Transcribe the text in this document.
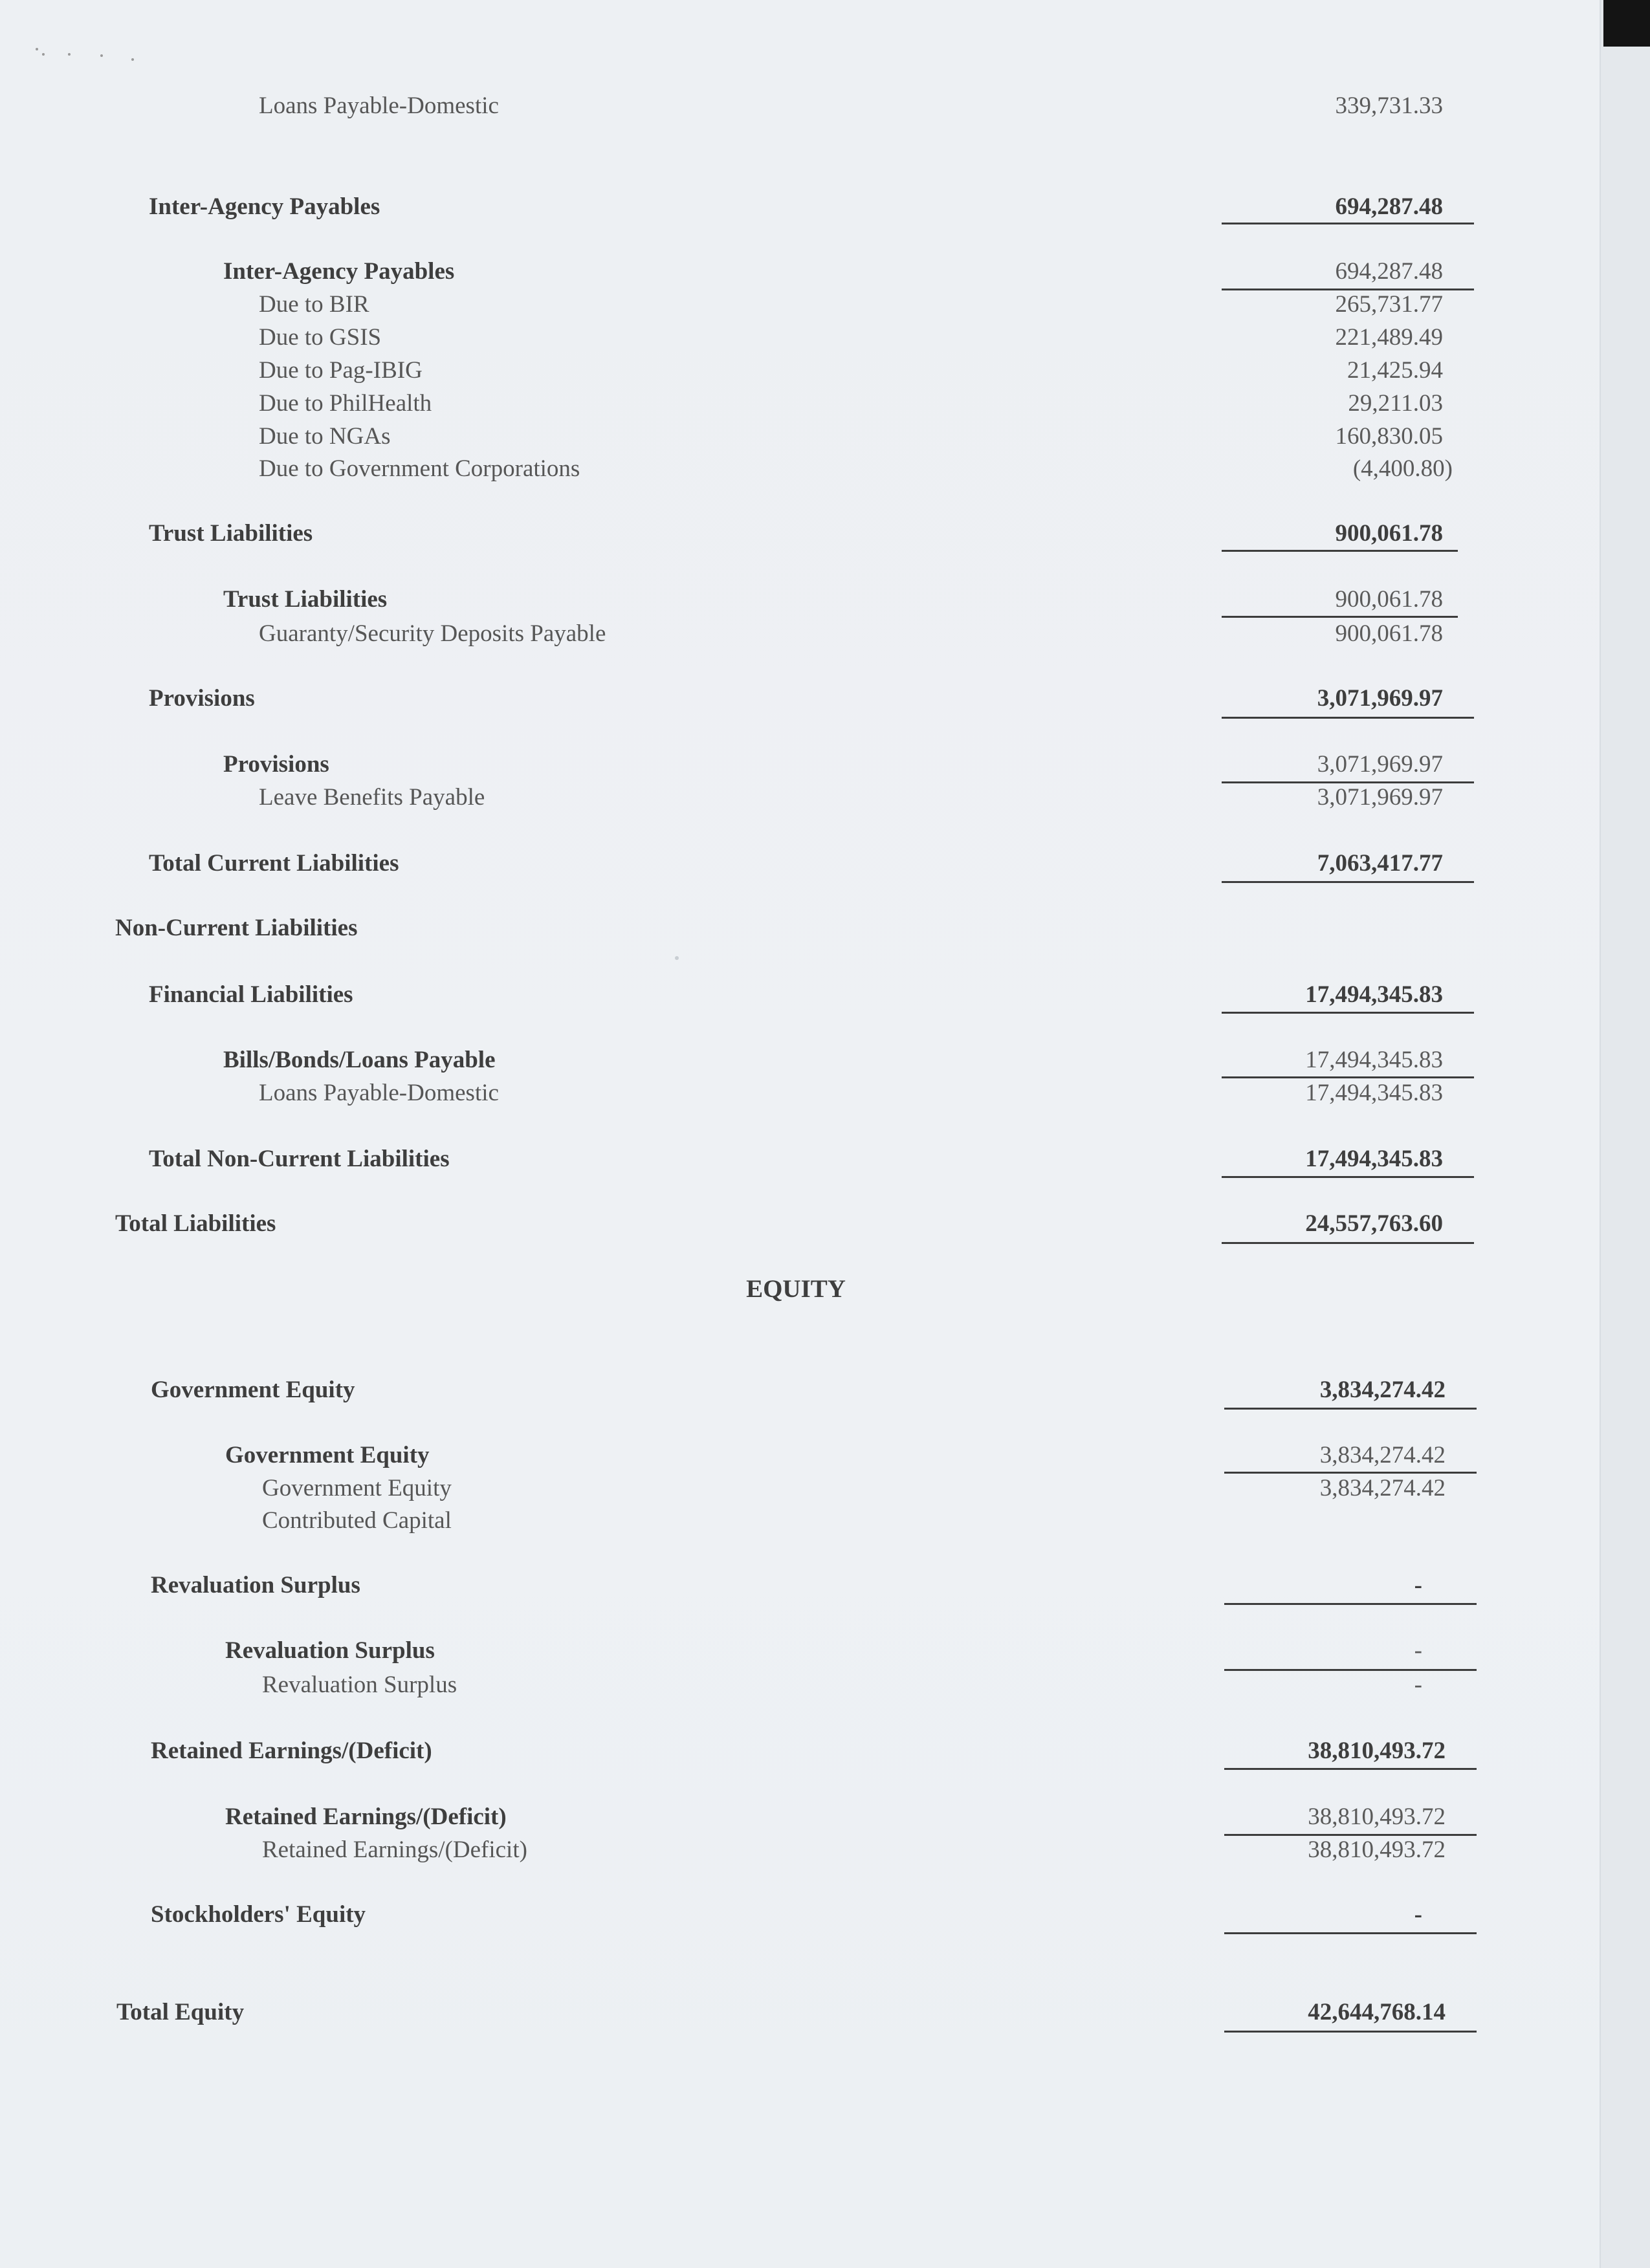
Loans Payable-Domestic	339,731.33
Inter-Agency Payables	694,287.48
Inter-Agency Payables	694,287.48
Due to BIR	265,731.77
Due to GSIS	221,489.49
Due to Pag-IBIG	21,425.94
Due to PhilHealth	29,211.03
Due to NGAs	160,830.05
Due to Government Corporations	(4,400.80)
Trust Liabilities	900,061.78
Trust Liabilities	900,061.78
Guaranty/Security Deposits Payable	900,061.78
Provisions	3,071,969.97
Provisions	3,071,969.97
Leave Benefits Payable	3,071,969.97
Total Current Liabilities	7,063,417.77
Non-Current Liabilities
Financial Liabilities	17,494,345.83
Bills/Bonds/Loans Payable	17,494,345.83
Loans Payable-Domestic	17,494,345.83
Total Non-Current Liabilities	17,494,345.83
Total Liabilities	24,557,763.60
EQUITY
Government Equity	3,834,274.42
Government Equity	3,834,274.42
Government Equity	3,834,274.42
Contributed Capital
Revaluation Surplus	-
Revaluation Surplus	-
Revaluation Surplus	-
Retained Earnings/(Deficit)	38,810,493.72
Retained Earnings/(Deficit)	38,810,493.72
Retained Earnings/(Deficit)	38,810,493.72
Stockholders' Equity	-
Total Equity	42,644,768.14
